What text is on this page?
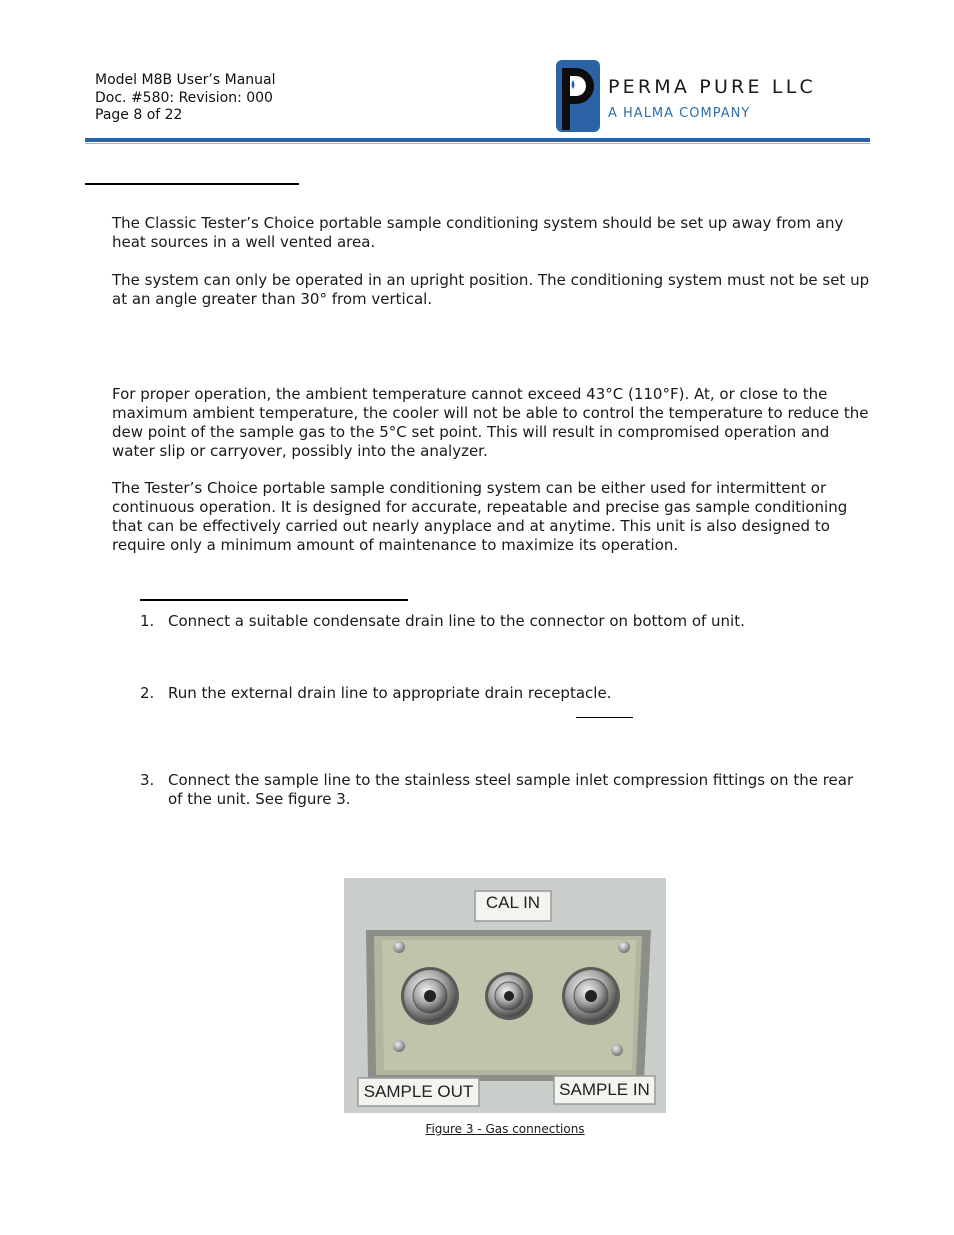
Model M8B User’s Manual
Doc. #580: Revision: 000
Page 8 of 22
PERMA PURE LLC
A HALMA COMPANY
The Classic Tester’s Choice portable sample conditioning system should be set up away from any heat sources in a well vented area.
The system can only be operated in an upright position. The conditioning system must not be set up at an angle greater than 30° from vertical.
For proper operation, the ambient temperature cannot exceed 43°C (110°F). At, or close to the maximum ambient temperature, the cooler will not be able to control the temperature to reduce the dew point of the sample gas to the 5°C set point. This will result in compromised operation and water slip or carryover, possibly into the analyzer.
The Tester’s Choice portable sample conditioning system can be either used for intermittent or continuous operation. It is designed for accurate, repeatable and precise gas sample conditioning that can be effectively carried out nearly anyplace and at anytime. This unit is also designed to require only a minimum amount of maintenance to maximize its operation.
1. Connect a suitable condensate drain line to the connector on bottom of unit.
2. Run the external drain line to appropriate drain receptacle.
3. Connect the sample line to the stainless steel sample inlet compression fittings on the rear of the unit. See figure 3.
CAL IN
SAMPLE OUT	SAMPLE IN
Figure 3 - Gas connections
